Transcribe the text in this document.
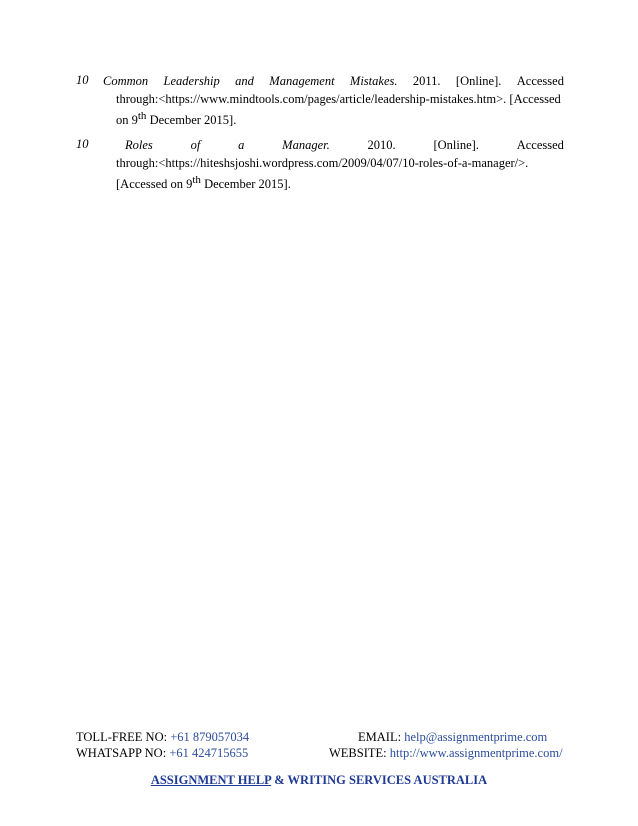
10 Common Leadership and Management Mistakes. 2011. [Online]. Accessed
through:<https://www.mindtools.com/pages/article/leadership-mistakes.htm>. [Accessed
on 9th December 2015].
10	Roles	of	a	Manager.	2010.	[Online].	Accessed
through:<https://hiteshsjoshi.wordpress.com/2009/04/07/10-roles-of-a-manager/>.
[Accessed on 9th December 2015].
TOLL-FREE NO: +61 879057034	EMAIL: help@assignmentprime.com
WHATSAPP NO: +61 424715655	WEBSITE: http://www.assignmentprime.com/
ASSIGNMENT HELP & WRITING SERVICES AUSTRALIA
